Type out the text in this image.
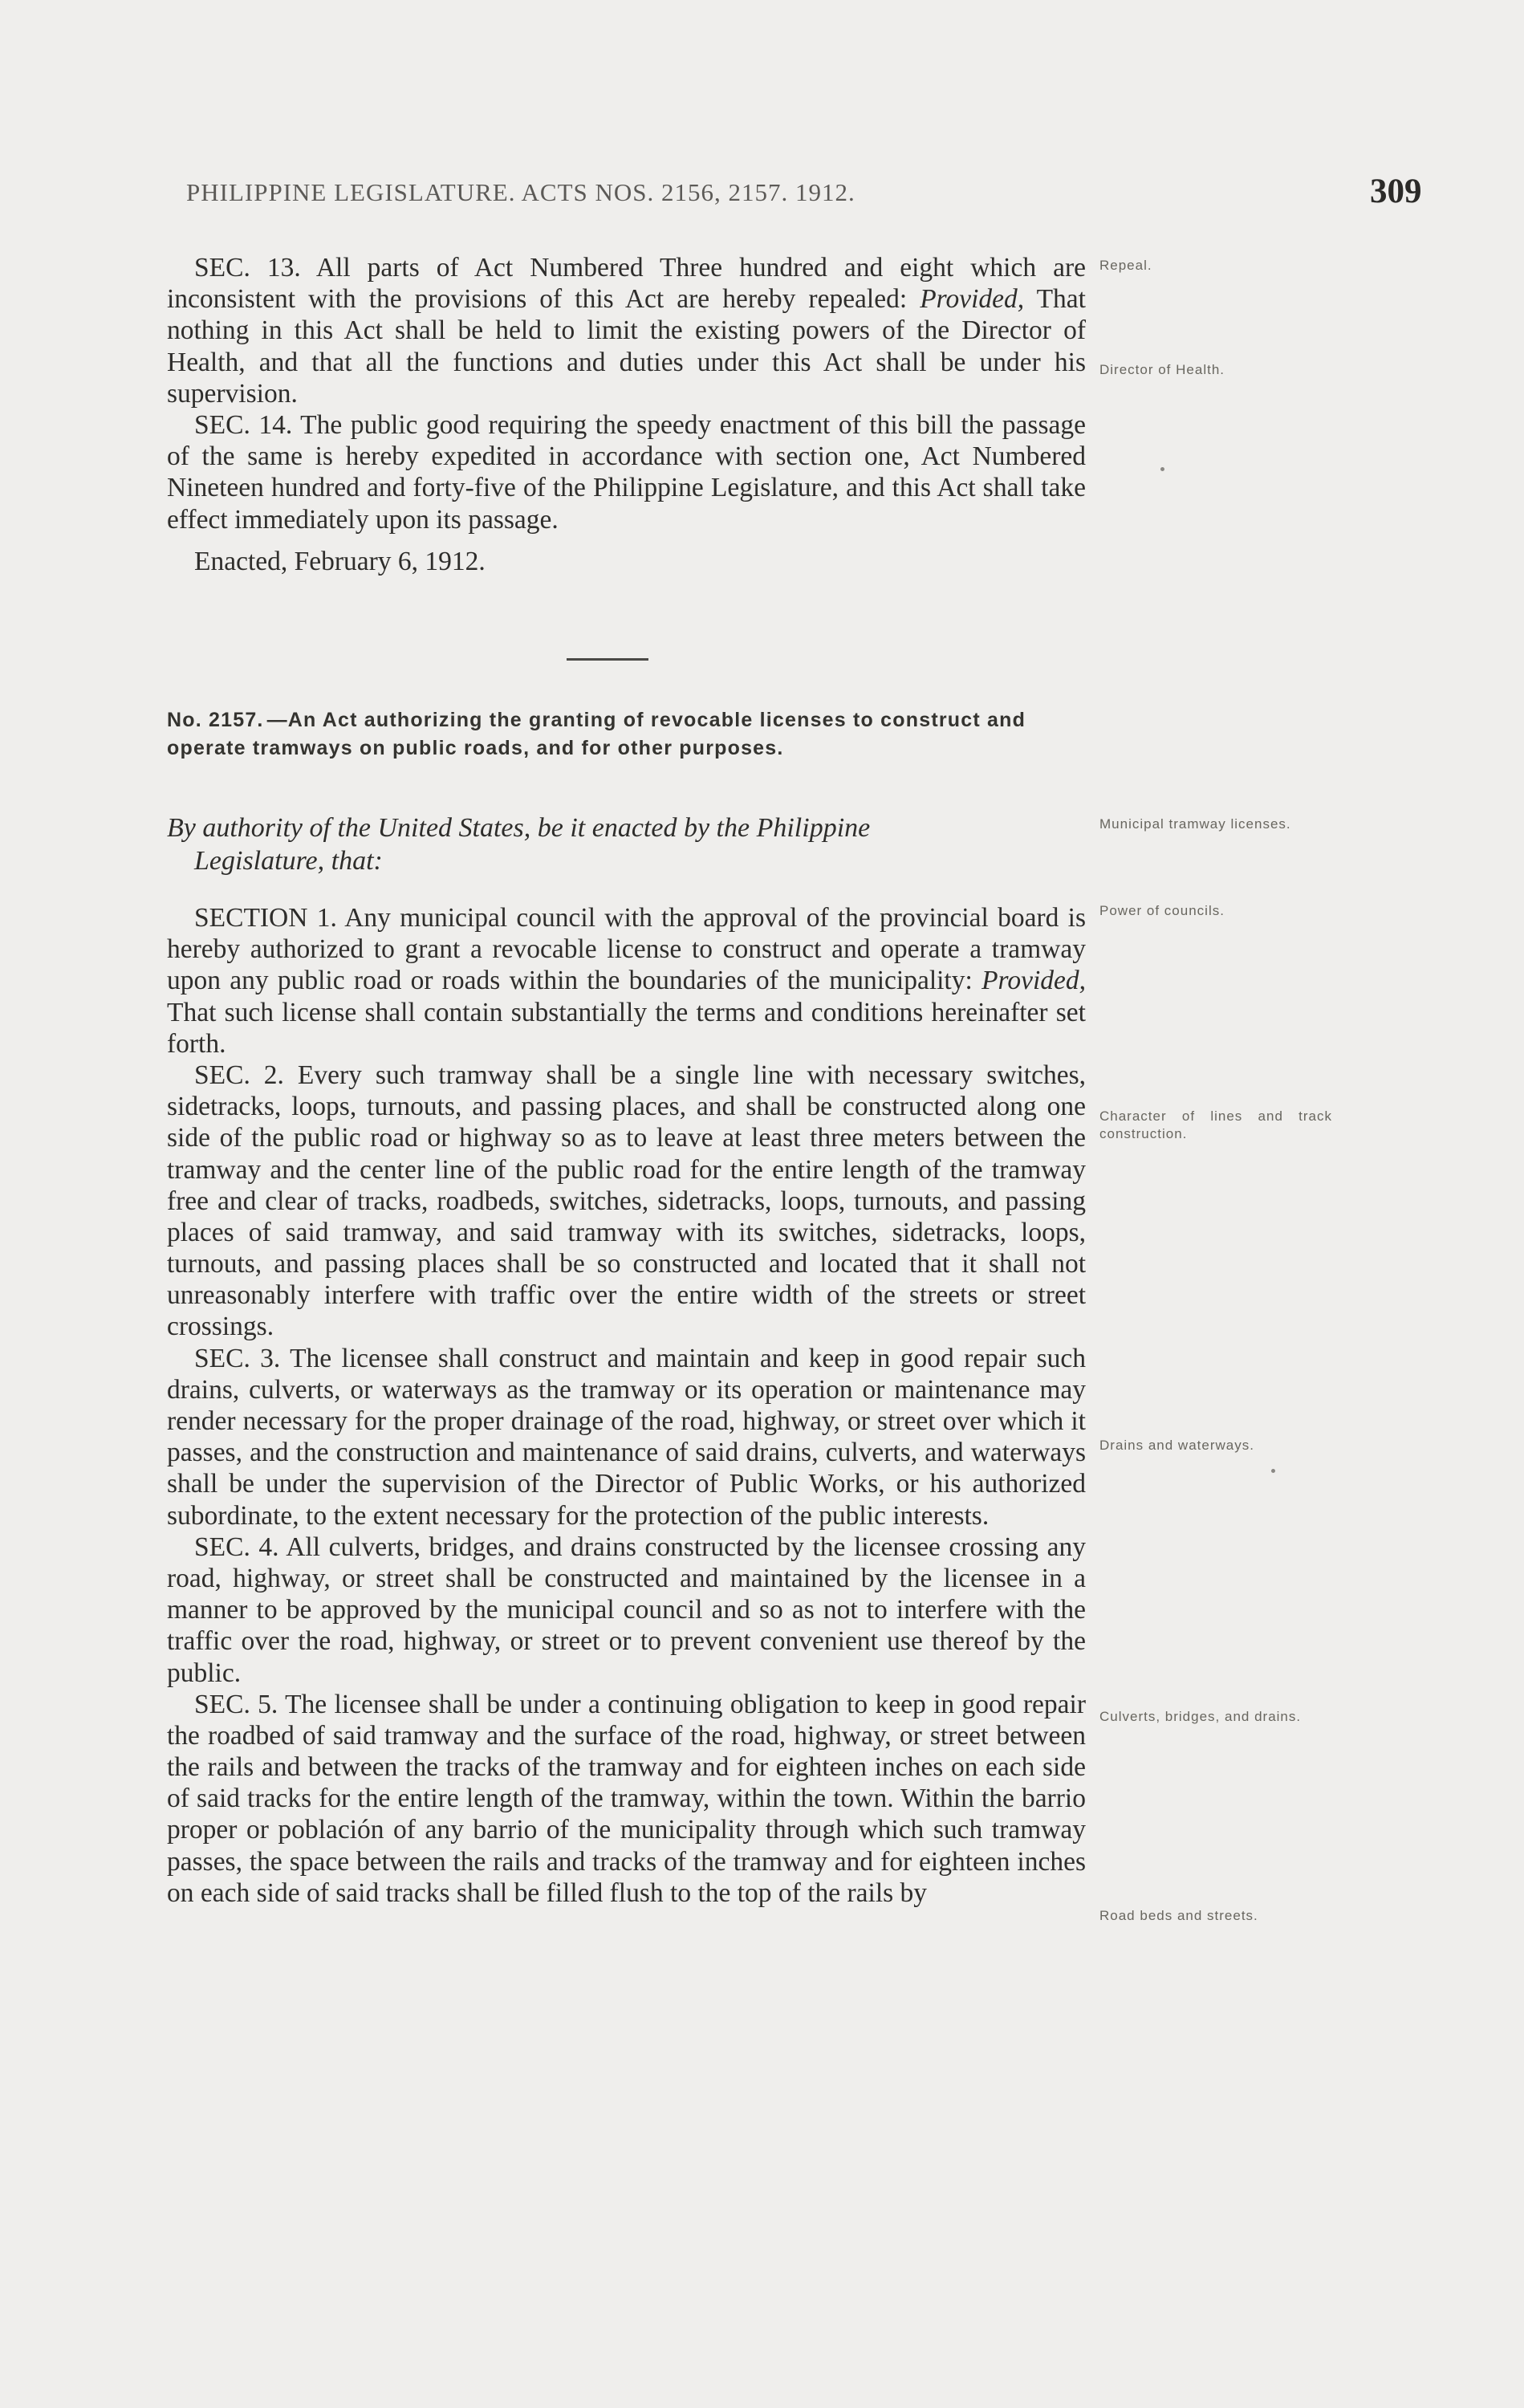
PHILIPPINE LEGISLATURE. ACTS NOS. 2156, 2157. 1912.	309

SEC. 13. All parts of Act Numbered Three hundred and eight which are inconsistent with the provisions of this Act are hereby repealed: Provided, That nothing in this Act shall be held to limit the existing powers of the Director of Health, and that all the functions and duties under this Act shall be under his supervision.

SEC. 14. The public good requiring the speedy enactment of this bill the passage of the same is hereby expedited in accordance with section one, Act Numbered Nineteen hundred and forty-five of the Philippine Legislature, and this Act shall take effect immediately upon its passage.

Enacted, February 6, 1912.

No. 2157. —An Act authorizing the granting of revocable licenses to construct and operate tramways on public roads, and for other purposes.
By authority of the United States, be it enacted by the Philippine
Legislature, that:

SECTION 1. Any municipal council with the approval of the provincial board is hereby authorized to grant a revocable license to construct and operate a tramway upon any public road or roads within the boundaries of the municipality: Provided, That such license shall contain substantially the terms and conditions hereinafter set forth.

SEC. 2. Every such tramway shall be a single line with necessary switches, sidetracks, loops, turnouts, and passing places, and shall be constructed along one side of the public road or highway so as to leave at least three meters between the tramway and the center line of the public road for the entire length of the tramway free and clear of tracks, roadbeds, switches, sidetracks, loops, turnouts, and passing places of said tramway, and said tramway with its switches, sidetracks, loops, turnouts, and passing places shall be so constructed and located that it shall not unreasonably interfere with traffic over the entire width of the streets or street crossings.

SEC. 3. The licensee shall construct and maintain and keep in good repair such drains, culverts, or waterways as the tramway or its operation or maintenance may render necessary for the proper drainage of the road, highway, or street over which it passes, and the construction and maintenance of said drains, culverts, and waterways shall be under the supervision of the Director of Public Works, or his authorized subordinate, to the extent necessary for the protection of the public interests.

SEC. 4. All culverts, bridges, and drains constructed by the licensee crossing any road, highway, or street shall be constructed and maintained by the licensee in a manner to be approved by the municipal council and so as not to interfere with the traffic over the road, highway, or street or to prevent convenient use thereof by the public.

SEC. 5. The licensee shall be under a continuing obligation to keep in good repair the roadbed of said tramway and the surface of the road, highway, or street between the rails and between the tracks of the tramway and for eighteen inches on each side of said tracks for the entire length of the tramway, within the town. Within the barrio proper or población of any barrio of the municipality through which such tramway passes, the space between the rails and tracks of the tramway and for eighteen inches on each side of said tracks shall be filled flush to the top of the rails by

Repeal.
Director of Health.
Municipal tramway licenses.
Power of councils.
Character of lines and track construction.
Drains and waterways.
Culverts, bridges, and drains.
Road beds and streets.
